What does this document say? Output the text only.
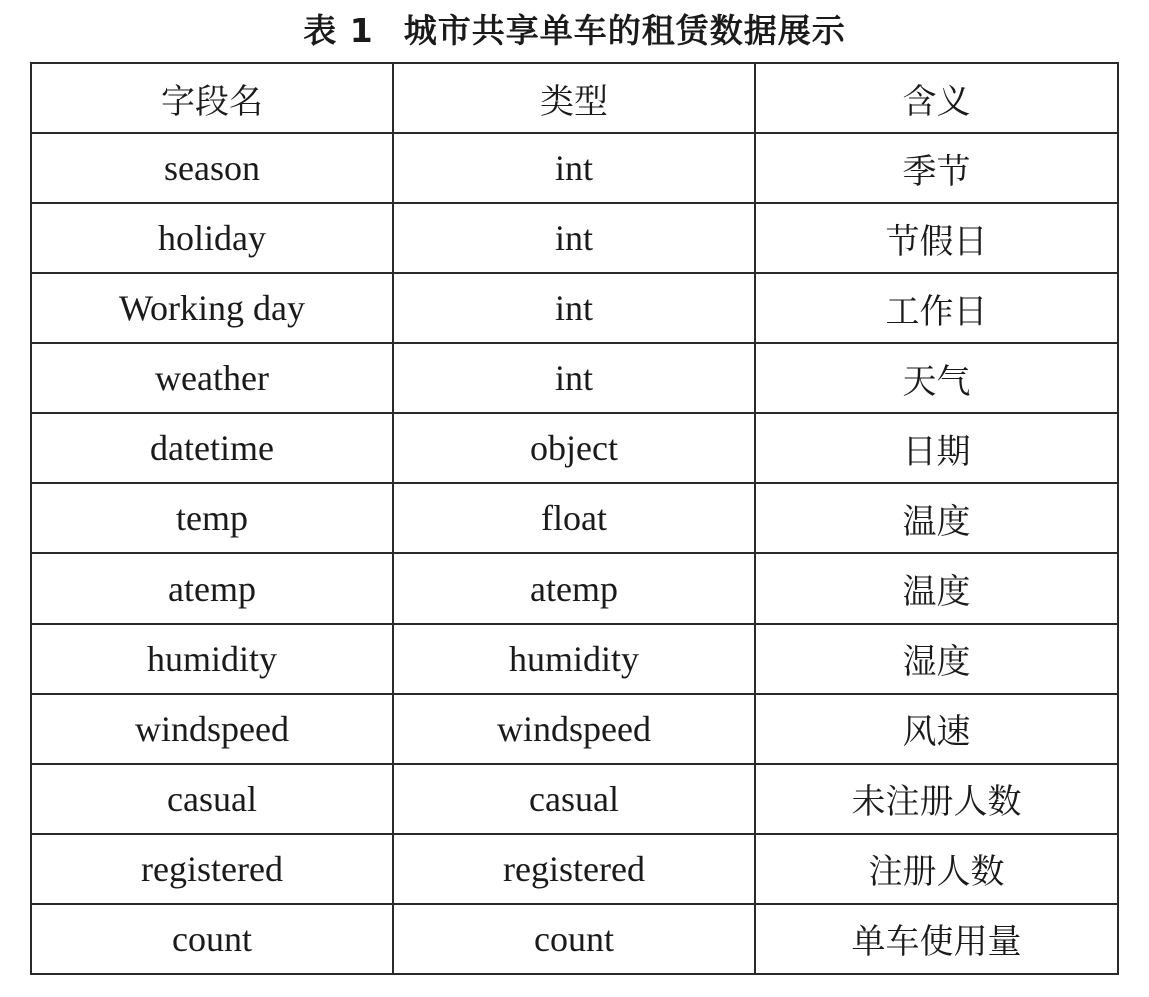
表 1 城市共享单车的租赁数据展示
字段名	类型	含义
season	int	季节
holiday	int	节假日
Working day	int	工作日
weather	int	天气
datetime	object	日期
temp	float	温度
atemp	atemp	温度
humidity	humidity	湿度
windspeed	windspeed	风速
casual	casual	未注册人数
registered	registered	注册人数
count	count	单车使用量
